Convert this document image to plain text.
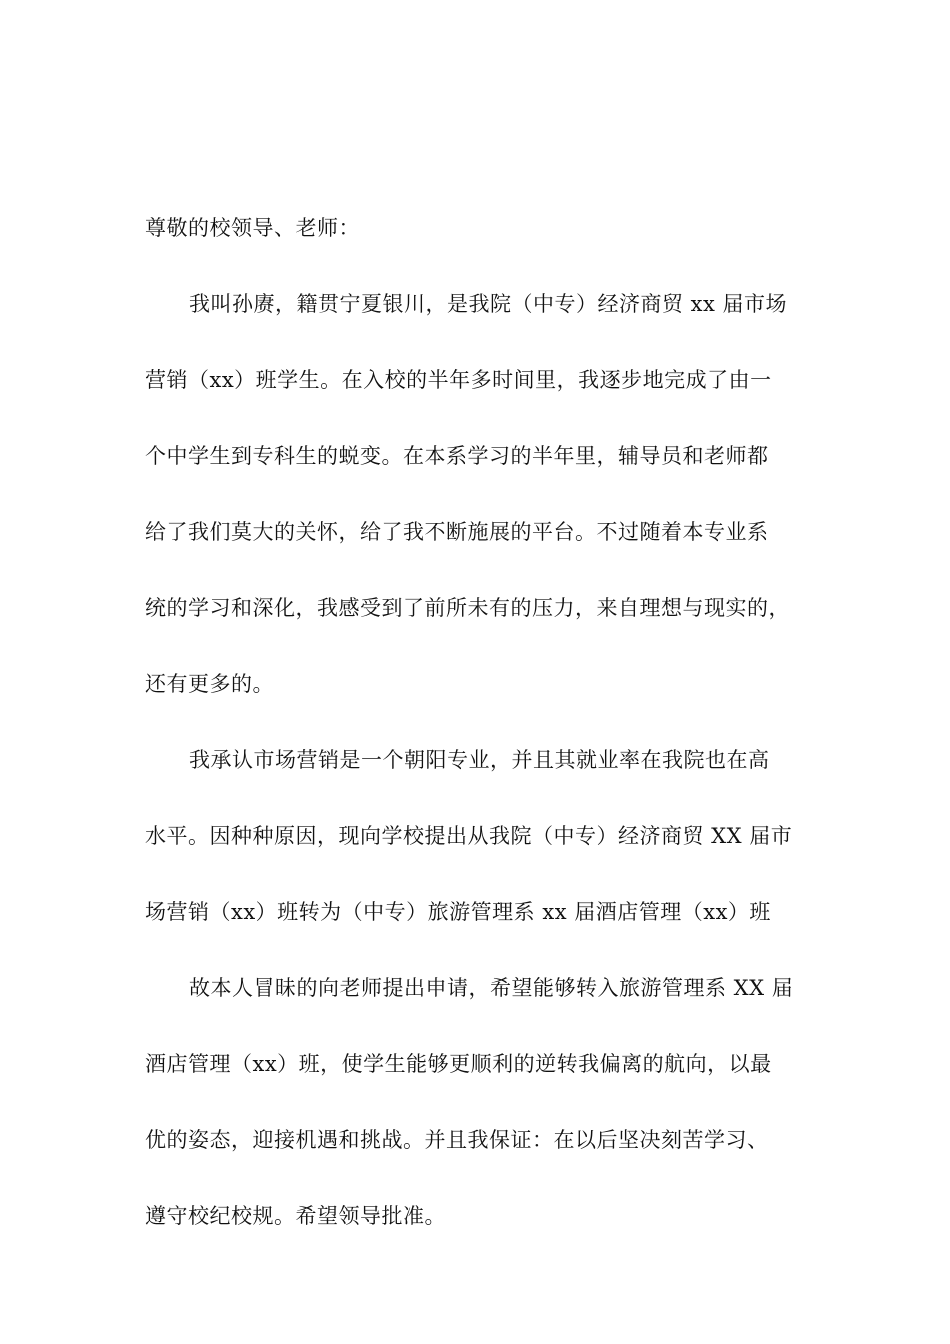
尊敬的校领导、老师：
我叫孙赓，籍贯宁夏银川，是我院（中专）经济商贸 xx 届市场
营销（xx）班学生。在入校的半年多时间里，我逐步地完成了由一
个中学生到专科生的蜕变。在本系学习的半年里，辅导员和老师都
给了我们莫大的关怀，给了我不断施展的平台。不过随着本专业系
统的学习和深化，我感受到了前所未有的压力，来自理想与现实的，
还有更多的。
我承认市场营销是一个朝阳专业，并且其就业率在我院也在高
水平。因种种原因，现向学校提出从我院（中专）经济商贸 XX 届市
场营销（xx）班转为（中专）旅游管理系 xx 届酒店管理（xx）班
故本人冒昧的向老师提出申请，希望能够转入旅游管理系 XX 届
酒店管理（xx）班，使学生能够更顺利的逆转我偏离的航向，以最
优的姿态，迎接机遇和挑战。并且我保证：在以后坚决刻苦学习、
遵守校纪校规。希望领导批准。
